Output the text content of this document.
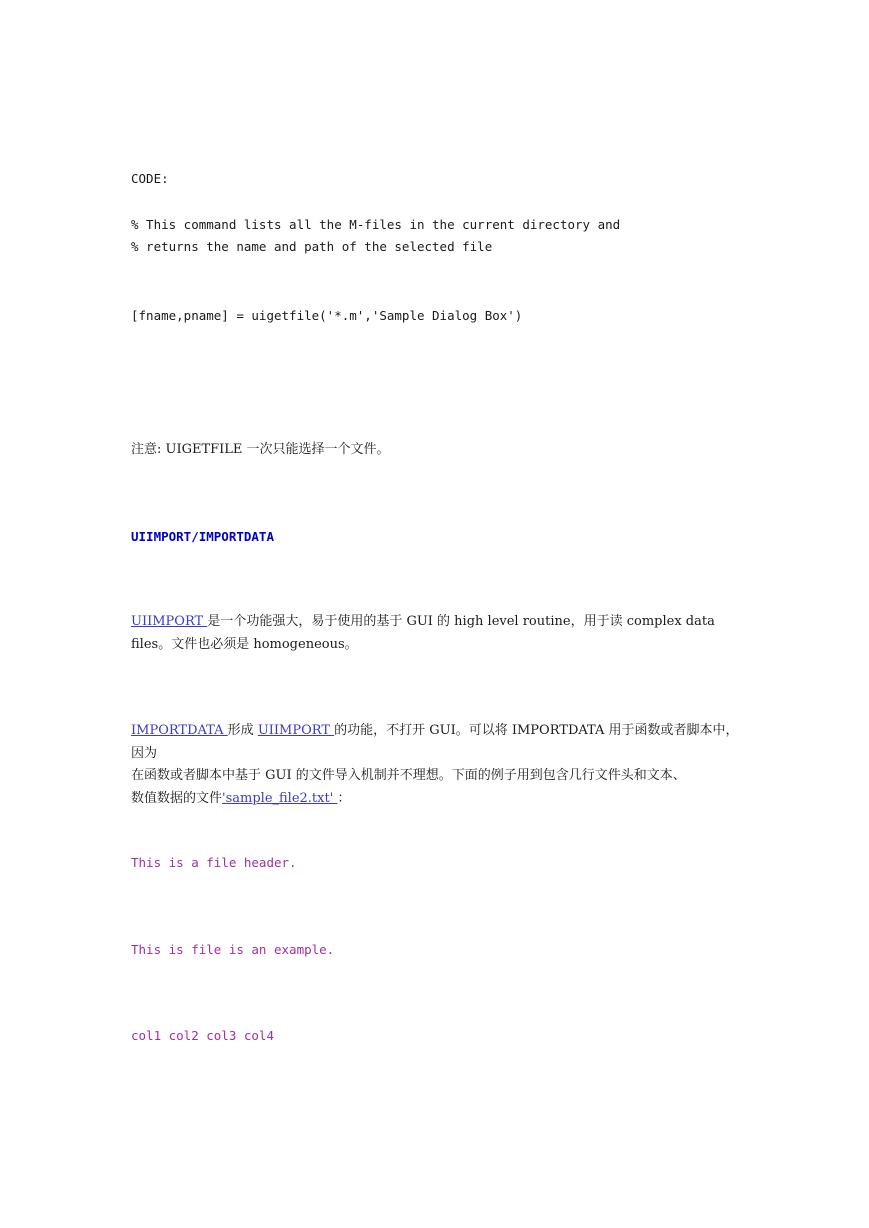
CODE:
% This command lists all the M-files in the current directory and
% returns the name and path of the selected file
[fname,pname] = uigetfile('*.m','Sample Dialog Box')
注意: UIGETFILE 一次只能选择一个文件。
UIIMPORT/IMPORTDATA
UIIMPORT 是一个功能强大，易于使用的基于 GUI 的 high level routine，用于读 complex data
files。文件也必须是 homogeneous。
IMPORTDATA 形成 UIIMPORT 的功能，不打开 GUI。可以将 IMPORTDATA 用于函数或者脚本中，因为
在函数或者脚本中基于 GUI 的文件导入机制并不理想。下面的例子用到包含几行文件头和文本、
数值数据的文件'sample_file2.txt' ：
This is a file header.
This is file is an example.
col1 col2 col3 col4
